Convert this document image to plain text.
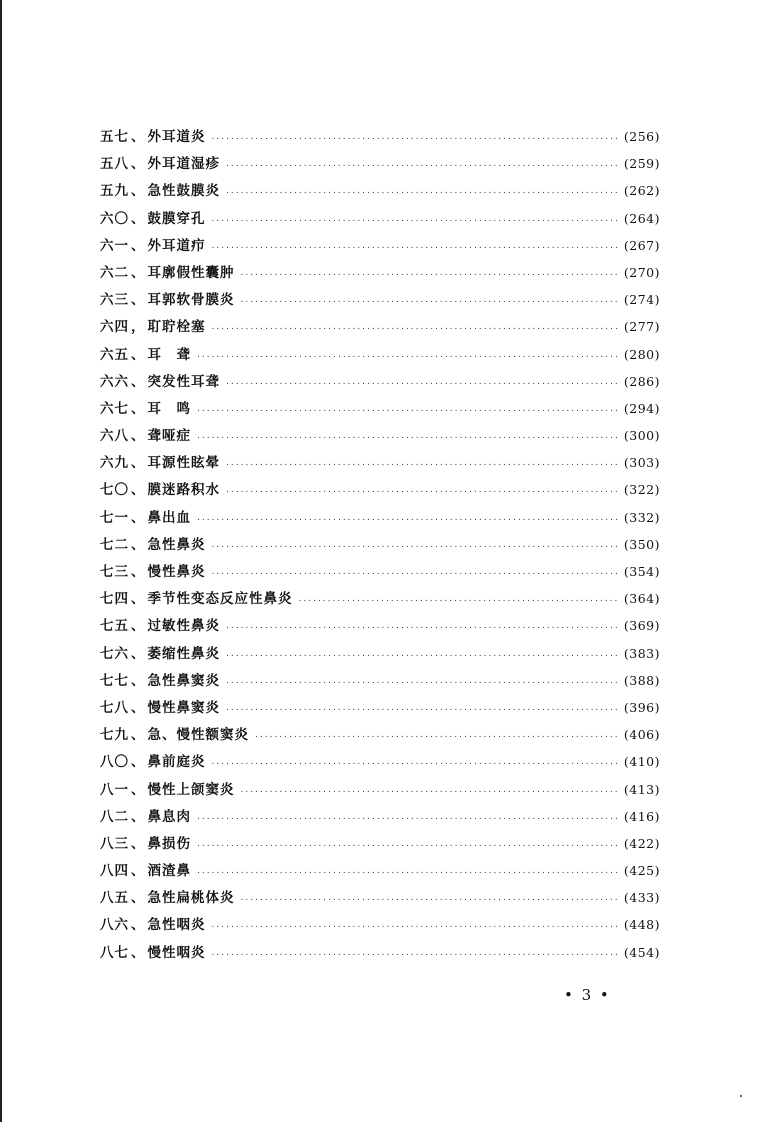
五七 、 外耳道炎 .....	(256)
五八 、 外耳道湿疹 .....	(259)
五九 、 急性鼓膜炎 .....	(262)
六〇 、 鼓膜穿孔 .....	(264)
六一 、 外耳道疖 .....	(267)
六二 、 耳廓假性囊肿 .....	(270)
六三 、 耳郭软骨膜炎 .....	(274)
六四 ， 耵聍栓塞 .....	(277)
六五 、 耳　聋 .....	(280)
六六 、 突发性耳聋 .....	(286)
六七 、 耳　鸣 .....	(294)
六八 、 聋哑症 .....	(300)
六九 、 耳源性眩晕 .....	(303)
七〇 、 膜迷路积水 .....	(322)
七一 、 鼻出血 .....	(332)
七二 、 急性鼻炎 .....	(350)
七三 、 慢性鼻炎 .....	(354)
七四 、 季节性变态反应性鼻炎 .....	(364)
七五 、 过敏性鼻炎 .....	(369)
七六 、 萎缩性鼻炎 .....	(383)
七七 、 急性鼻窦炎 .....	(388)
七八 、 慢性鼻窦炎 .....	(396)
七九 、 急、慢性额窦炎 .....	(406)
八〇 、 鼻前庭炎 .....	(410)
八一 、 慢性上颌窦炎 .....	(413)
八二 、 鼻息肉 .....	(416)
八三 、 鼻损伤 .....	(422)
八四 、 酒渣鼻 .....	(425)
八五 、 急性扁桃体炎 .....	(433)
八六 、 急性咽炎 .....	(448)
八七 、 慢性咽炎 .....	(454)
• 3 •
